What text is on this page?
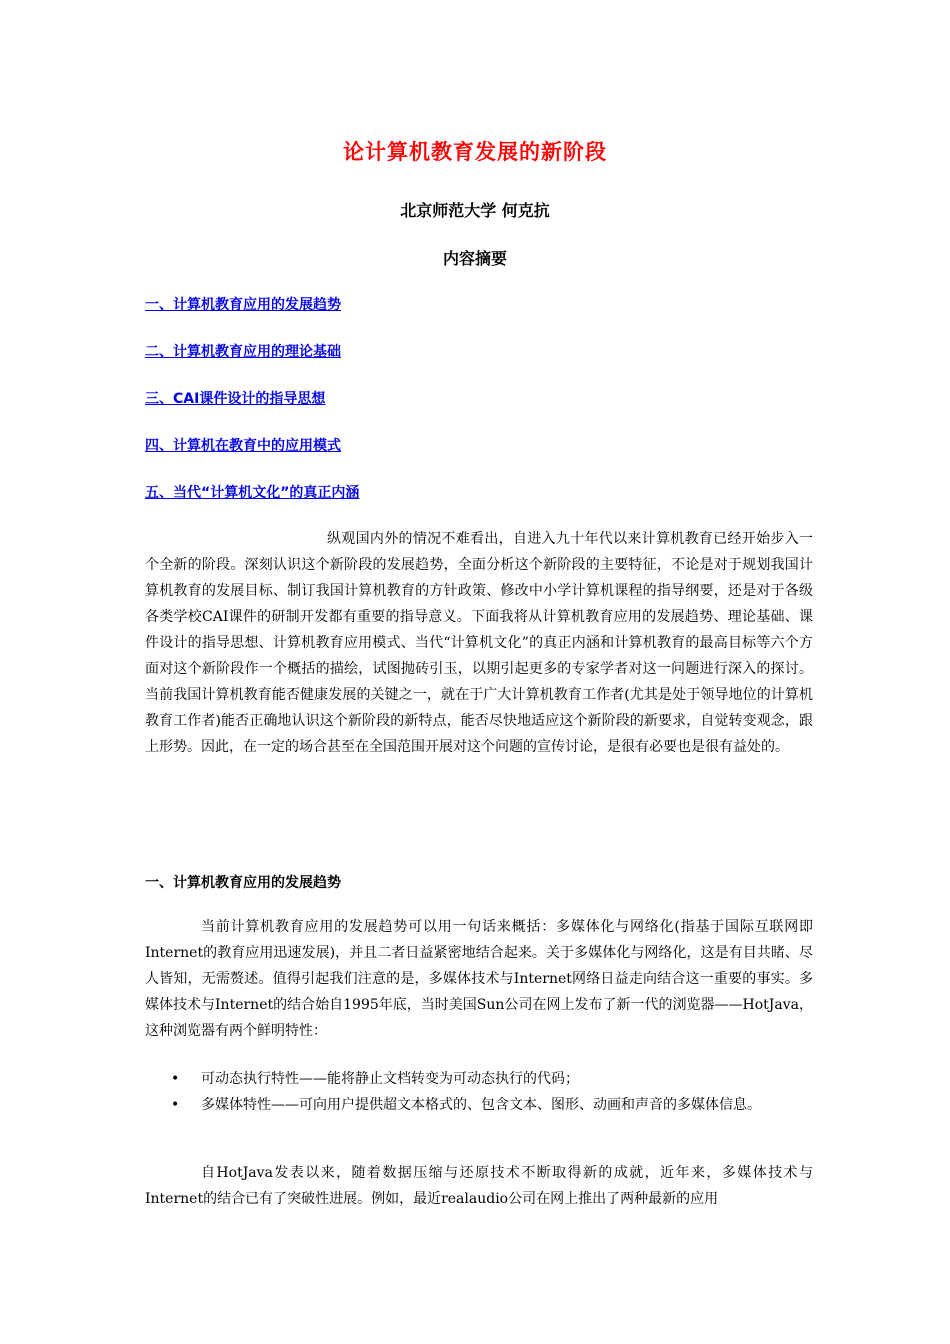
论计算机教育发展的新阶段
北京师范大学 何克抗
内容摘要
一、计算机教育应用的发展趋势
二、计算机教育应用的理论基础
三、CAI课件设计的指导思想
四、计算机在教育中的应用模式
五、当代“计算机文化”的真正内涵

纵观国内外的情况不难看出，自进入九十年代以来计算机教育已经开始步入一个全新的阶段。深刻认识这个新阶段的发展趋势，全面分析这个新阶段的主要特征，不论是对于规划我国计算机教育的发展目标、制订我国计算机教育的方针政策、修改中小学计算机课程的指导纲要，还是对于各级各类学校CAI课件的研制开发都有重要的指导意义。下面我将从计算机教育应用的发展趋势、理论基础、课件设计的指导思想、计算机教育应用模式、当代“计算机文化”的真正内涵和计算机教育的最高目标等六个方面对这个新阶段作一个概括的描绘，试图抛砖引玉，以期引起更多的专家学者对这一问题进行深入的探讨。当前我国计算机教育能否健康发展的关键之一，就在于广大计算机教育工作者(尤其是处于领导地位的计算机教育工作者)能否正确地认识这个新阶段的新特点，能否尽快地适应这个新阶段的新要求，自觉转变观念，跟上形势。因此，在一定的场合甚至在全国范围开展对这个问题的宣传讨论，是很有必要也是很有益处的。

一、计算机教育应用的发展趋势

当前计算机教育应用的发展趋势可以用一句话来概括：多媒体化与网络化(指基于国际互联网即Internet的教育应用迅速发展)，并且二者日益紧密地结合起来。关于多媒体化与网络化，这是有目共睹、尽人皆知，无需赘述。值得引起我们注意的是，多媒体技术与Internet网络日益走向结合这一重要的事实。多媒体技术与Internet的结合始自1995年底，当时美国Sun公司在网上发布了新一代的浏览器——HotJava，这种浏览器有两个鲜明特性：

• 可动态执行特性——能将静止文档转变为可动态执行的代码；
• 多媒体特性——可向用户提供超文本格式的、包含文本、图形、动画和声音的多媒体信息。

自HotJava发表以来，随着数据压缩与还原技术不断取得新的成就，近年来，多媒体技术与Internet的结合已有了突破性进展。例如，最近realaudio公司在网上推出了两种最新的应用
